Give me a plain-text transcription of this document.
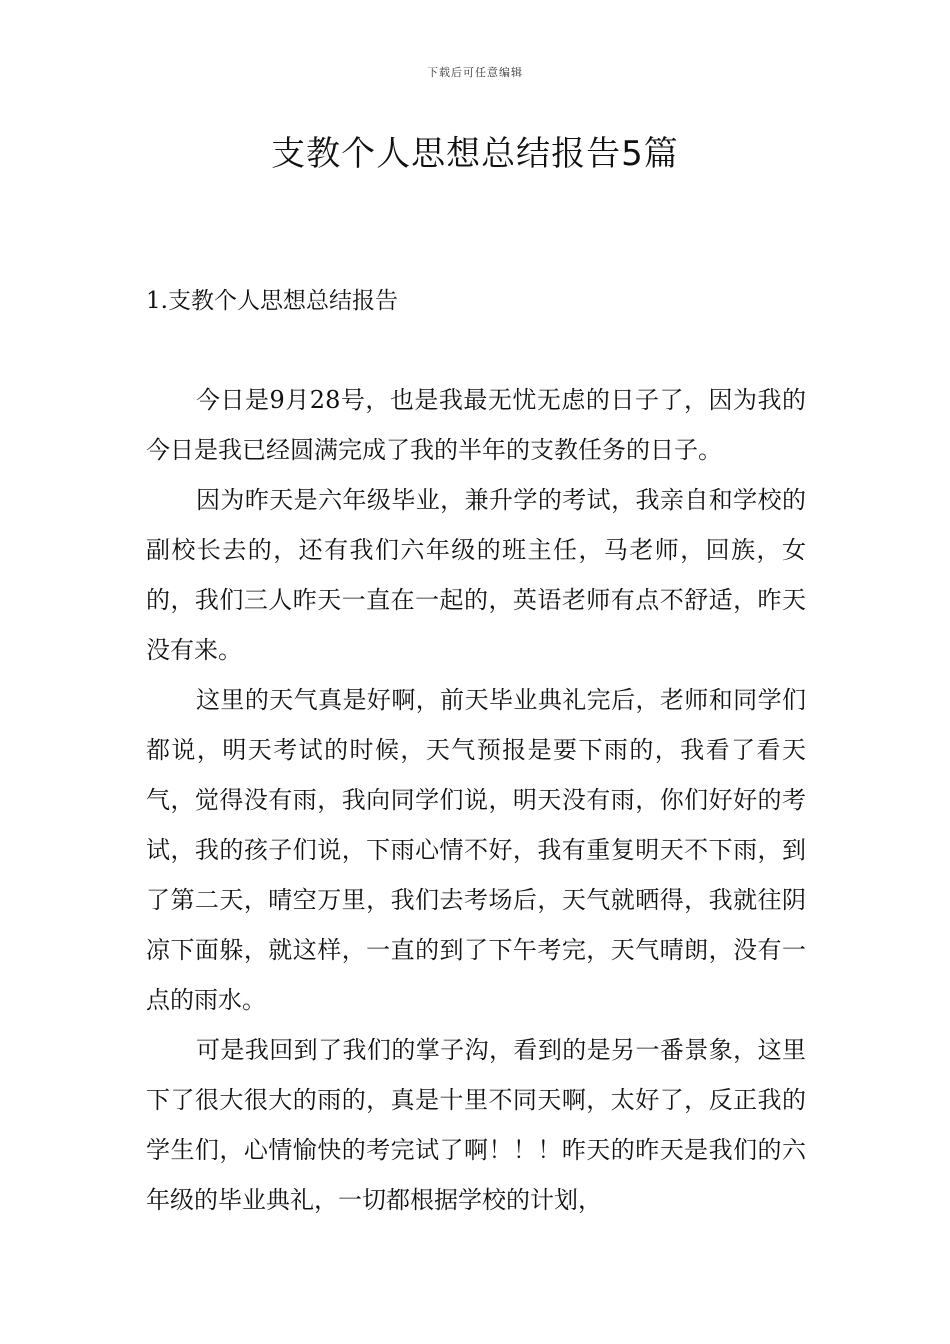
下载后可任意编辑
支教个人思想总结报告5篇
1.支教个人思想总结报告

今日是9月28号，也是我最无忧无虑的日子了，因为我的今日是我已经圆满完成了我的半年的支教任务的日子。

因为昨天是六年级毕业，兼升学的考试，我亲自和学校的副校长去的，还有我们六年级的班主任，马老师，回族，女的，我们三人昨天一直在一起的，英语老师有点不舒适，昨天没有来。

这里的天气真是好啊，前天毕业典礼完后，老师和同学们都说，明天考试的时候，天气预报是要下雨的，我看了看天气，觉得没有雨，我向同学们说，明天没有雨，你们好好的考试，我的孩子们说，下雨心情不好，我有重复明天不下雨，到了第二天，晴空万里，我们去考场后，天气就晒得，我就往阴凉下面躲，就这样，一直的到了下午考完，天气晴朗，没有一点的雨水。

可是我回到了我们的掌子沟，看到的是另一番景象，这里下了很大很大的雨的，真是十里不同天啊，太好了，反正我的学生们，心情愉快的考完试了啊！！！昨天的昨天是我们的六年级的毕业典礼，一切都根据学校的计划，
